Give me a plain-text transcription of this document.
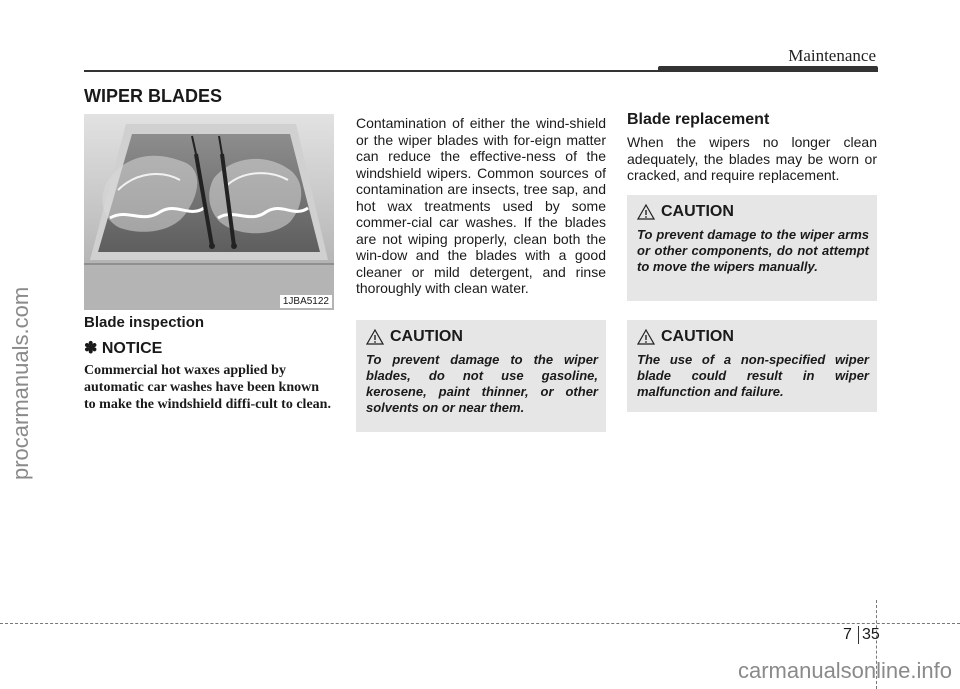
Maintenance
procarmanuals.com
WIPER BLADES
1JBA5122
Blade inspection
✽ NOTICE
Commercial hot waxes applied by automatic car washes have been known to make the windshield diffi-cult to clean.
Contamination of either the wind-shield or the wiper blades with for-eign matter can reduce the effective-ness of the windshield wipers. Common sources of contamination are insects, tree sap, and hot wax treatments used by some commer-cial car washes. If the blades are not wiping properly, clean both the win-dow and the blades with a good cleaner or mild detergent, and rinse thoroughly with clean water.
CAUTION
To prevent damage to the wiper blades, do not use gasoline, kerosene, paint thinner, or other solvents on or near them.
Blade replacement
When the wipers no longer clean adequately, the blades may be worn or cracked, and require replacement.
CAUTION
To prevent damage to the wiper arms or other components, do not attempt to move the wipers manually.
CAUTION
The use of a non-specified wiper blade could result in wiper malfunction and failure.
7 35
carmanualsonline.info
